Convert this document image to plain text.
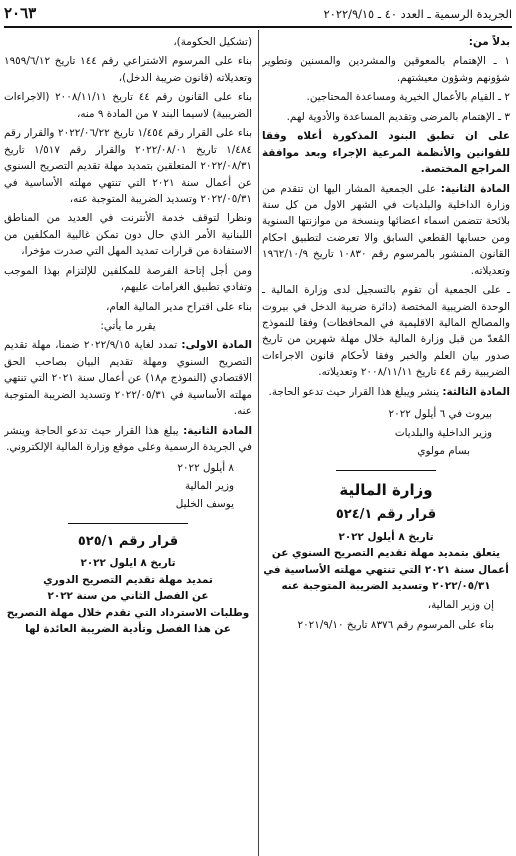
الجريدة الرسمية ـ العدد ٤٠ ـ ٢٠٢٢/٩/١٥
٢٠٦٣

بدلاً من:

١ ـ الإهتمام بالمعوقين والمشردين والمسنين وتطوير شؤونهم وشؤون معيشتهم.

٢ ـ القيام بالأعمال الخيرية ومساعدة المحتاجين.

٣ ـ الإهتمام بالمرضى وتقديم المساعدة والأدوية لهم.

على ان تطبق البنود المذكورة أعلاه وفقا للقوانين والأنظمة المرعية الإجراء وبعد موافقة المراجع المختصة.

المادة الثانية: على الجمعية المشار اليها ان تتقدم من وزارة الداخلية والبلديات في الشهر الاول من كل سنة بلائحة تتضمن اسماء اعضائها وبنسخة من موازنتها السنوية ومن حسابها القطعي السابق والا تعرضت لتطبيق احكام القانون المنشور بالمرسوم رقم ١٠٨٣٠ تاريخ ١٩٦٢/١٠/٩ وتعديلاته.

ـ على الجمعية أن تقوم بالتسجيل لدى وزارة المالية ـ الوحدة الضريبية المختصة (دائرة ضريبة الدخل في بيروت والمصالح المالية الاقليمية في المحافظات) وفقا للنموذج المُعدّ من قبل وزارة المالية خلال مهلة شهرين من تاريخ صدور بيان العلم والخبر وفقا لأحكام قانون الاجراءات الضريبية رقم ٤٤ تاريخ ٢٠٠٨/١١/١١ وتعديلاته.

المادة الثالثة: ينشر ويبلغ هذا القرار حيث تدعو الحاجة.

بيروت في ٦ أيلول ٢٠٢٢

وزير الداخلية والبلديات

بسام مولوي

وزارة المالية

قرار رقم ٥٢٤/١

تاريخ ٨ أيلول ٢٠٢٢

يتعلق بتمديد مهلة تقديم التصريح السنوي عن أعمال سنة ٢٠٢١ التي تنتهي مهلته الأساسية في ٢٠٢٢/٠٥/٣١ وتسديد الضريبة المتوجبة عنه

إن وزير المالية،

بناء على المرسوم رقم ٨٣٧٦ تاريخ ٢٠٢١/٩/١٠

(تشكيل الحكومة)،

بناء على المرسوم الاشتراعي رقم ١٤٤ تاريخ ١٩٥٩/٦/١٢ وتعديلاته (قانون ضريبة الدخل)،

بناء على القانون رقم ٤٤ تاريخ ٢٠٠٨/١١/١١ (الاجراءات الضريبية) لاسيما البند ٧ من المادة ٩ منه،

بناء على القرار رقم ١/٤٥٤ تاريخ ٢٠٢٢/٠٦/٢٢ والقرار رقم ١/٤٨٤ تاريخ ٢٠٢٢/٠٨/٠١ والقرار رقم ١/٥١٧ تاريخ ٢٠٢٢/٠٨/٣١ المتعلقين بتمديد مهلة تقديم التصريح السنوي عن أعمال سنة ٢٠٢١ التي تنتهي مهلته الأساسية في ٢٠٢٢/٠٥/٣١ وتسديد الضريبة المتوجبة عنه،

ونظرا لتوقف خدمة الأنترنت في العديد من المناطق اللبنانية الأمر الذي حال دون تمكن غالبية المكلفين من الاستفادة من قرارات تمديد المهل التي صدرت مؤخرا،

ومن أجل إتاحة الفرصة للمكلفين للإلتزام بهذا الموجب وتفادي تطبيق الغرامات عليهم،

بناء على اقتراح مدير المالية العام،

يقرر ما يأتي:

المادة الاولى: تمدد لغاية ٢٠٢٢/٩/١٥ ضمنا، مهلة تقديم التصريح السنوي ومهلة تقديم البيان بصاحب الحق الاقتصادي (النموذج م١٨) عن أعمال سنة ٢٠٢١ التي تنتهي مهلته الأساسية في ٢٠٢٢/٠٥/٣١ وتسديد الضريبة المتوجبة عنه.

المادة الثانية: يبلغ هذا القرار حيث تدعو الحاجة وينشر في الجريدة الرسمية وعلى موقع وزارة المالية الإلكتروني.

٨ أيلول ٢٠٢٢

وزير المالية

يوسف الخليل

قرار رقم ٥٢٥/١

تاريخ ٨ ايلول ٢٠٢٢

تمديد مهلة تقديم التصريح الدوري

عن الفصل الثاني من سنة ٢٠٢٢

وطلبات الاسترداد التي تقدم خلال مهلة التصريح عن هذا الفصل وتأدية الضريبة العائدة لها
